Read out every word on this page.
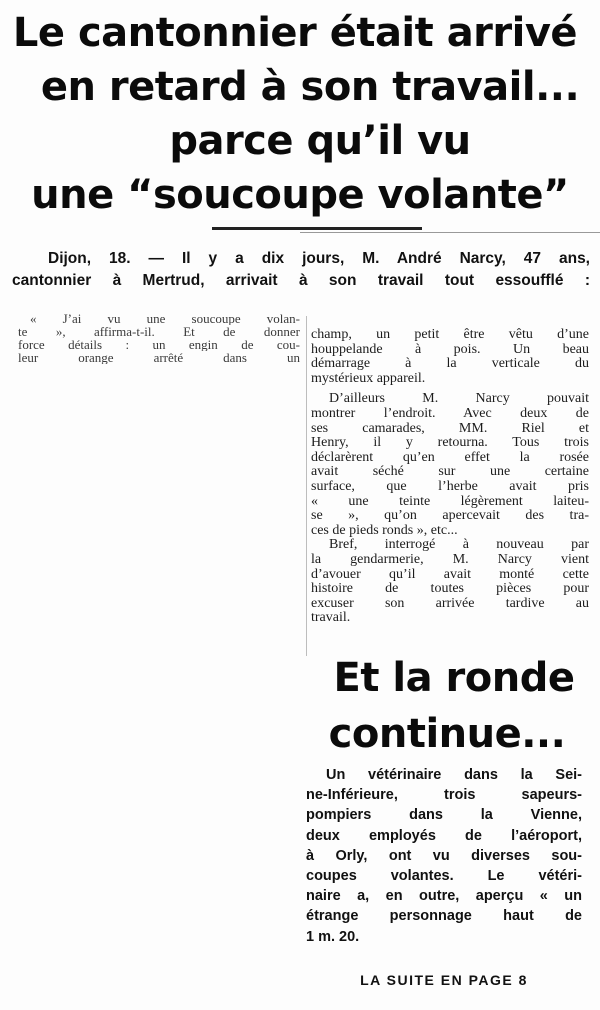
Le cantonnier était arrivé
en retard à son travail...
parce qu’il vu
une “soucoupe volante”
Dijon, 18. — Il y a dix jours, M. André Narcy, 47 ans,
cantonnier à Mertrud, arrivait à son travail tout essoufflé :
« J’ai vu une soucoupe volan-
te », affirma-t-il. Et de donner
force détails : un engin de cou-
leur orange arrêté dans un
champ, un petit être vêtu d’une
houppelande à pois. Un beau
démarrage à la verticale du
mystérieux appareil.
D’ailleurs M. Narcy pouvait
montrer l’endroit. Avec deux de
ses camarades, MM. Riel et
Henry, il y retourna. Tous trois
déclarèrent qu’en effet la rosée
avait séché sur une certaine
surface, que l’herbe avait pris
« une teinte légèrement laiteu-
se », qu’on apercevait des tra-
ces de pieds ronds », etc...
Bref, interrogé à nouveau par
la gendarmerie, M. Narcy vient
d’avouer qu’il avait monté cette
histoire de toutes pièces pour
excuser son arrivée tardive au
travail.
Et la ronde
continue...
Un vétérinaire dans la Sei-
ne-Inférieure, trois sapeurs-
pompiers dans la Vienne,
deux employés de l’aéroport,
à Orly, ont vu diverses sou-
coupes volantes. Le vétéri-
naire a, en outre, aperçu « un
étrange personnage haut de
1 m. 20.
LA SUITE EN PAGE 8
